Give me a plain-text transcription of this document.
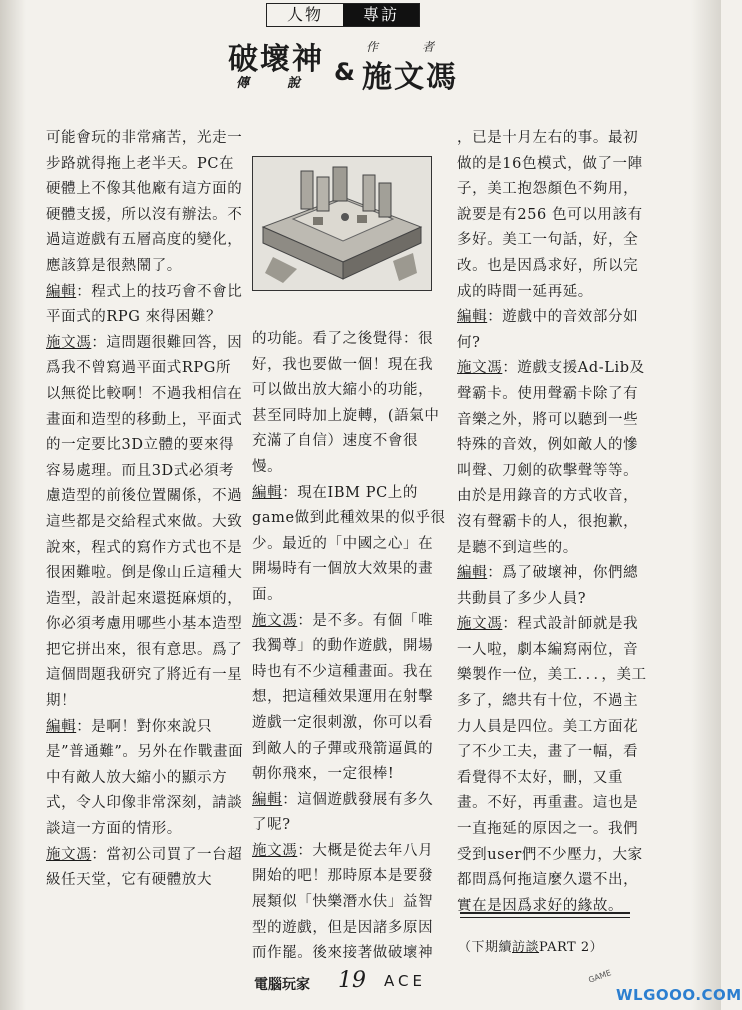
人物	專訪
破壞神
傳說
&
作者
施文馮

可能會玩的非常痛苦，光走一步路就得拖上老半天。PC在硬體上不像其他廠有這方面的硬體支援，所以沒有辦法。不過這遊戲有五層高度的變化，應該算是很熱鬧了。

編輯：程式上的技巧會不會比平面式的RPG 來得困難？

施文馮：這問題很難回答，因爲我不曾寫過平面式RPG所以無從比較啊！不過我相信在畫面和造型的移動上，平面式的一定要比3D立體的要來得容易處理。而且3D式必須考慮造型的前後位置關係，不過這些都是交給程式來做。大致說來，程式的寫作方式也不是很困難啦。倒是像山丘這種大造型，設計起來還挺麻煩的，你必須考慮用哪些小基本造型把它拼出來，很有意思。爲了這個問題我研究了將近有一星期！

編輯：是啊！對你來說只是”普通難”。另外在作戰畫面中有敵人放大縮小的顯示方式，令人印像非常深刻，請談談這一方面的情形。

施文馮：當初公司買了一台超級任天堂，它有硬體放大

的功能。看了之後覺得：很好，我也要做一個！現在我可以做出放大縮小的功能，甚至同時加上旋轉，(語氣中充滿了自信）速度不會很慢。

編輯：現在IBM PC上的game做到此種效果的似乎很少。最近的「中國之心」在開場時有一個放大效果的畫面。

施文馮：是不多。有個「唯我獨尊」的動作遊戲，開場時也有不少這種畫面。我在想，把這種效果運用在射擊遊戲一定很刺激，你可以看到敵人的子彈或飛箭逼眞的朝你飛來，一定很棒!

編輯：這個遊戲發展有多久了呢?

施文馮：大概是從去年八月開始的吧！那時原本是要發展類似「快樂潛水伕」益智型的遊戲，但是因諸多原因而作罷。後來接著做破壞神

，已是十月左右的事。最初做的是16色模式，做了一陣子，美工抱怨顏色不夠用，說要是有256 色可以用該有多好。美工一句話，好，全改。也是因爲求好，所以完成的時間一延再延。

編輯：遊戲中的音效部分如何?

施文馮：遊戲支援Ad-Lib及聲霸卡。使用聲霸卡除了有音樂之外，將可以聽到一些特殊的音效，例如敵人的慘叫聲、刀劍的砍擊聲等等。由於是用錄音的方式收音，沒有聲霸卡的人，很抱歉，是聽不到這些的。

編輯：爲了破壞神，你們總共動員了多少人員?

施文馮：程式設計師就是我一人啦，劇本編寫兩位，音樂製作一位，美工．．．，美工多了，總共有十位，不過主力人員是四位。美工方面花了不少工夫，畫了一幅，看看覺得不太好，刪，又重畫。不好，再重畫。這也是一直拖延的原因之一。我們受到user們不少壓力，大家都問爲何拖這麼久還不出，實在是因爲求好的緣故。

（下期續訪談PART 2）
電腦玩家 19 ACE	GAME
WLGOOO.COM
